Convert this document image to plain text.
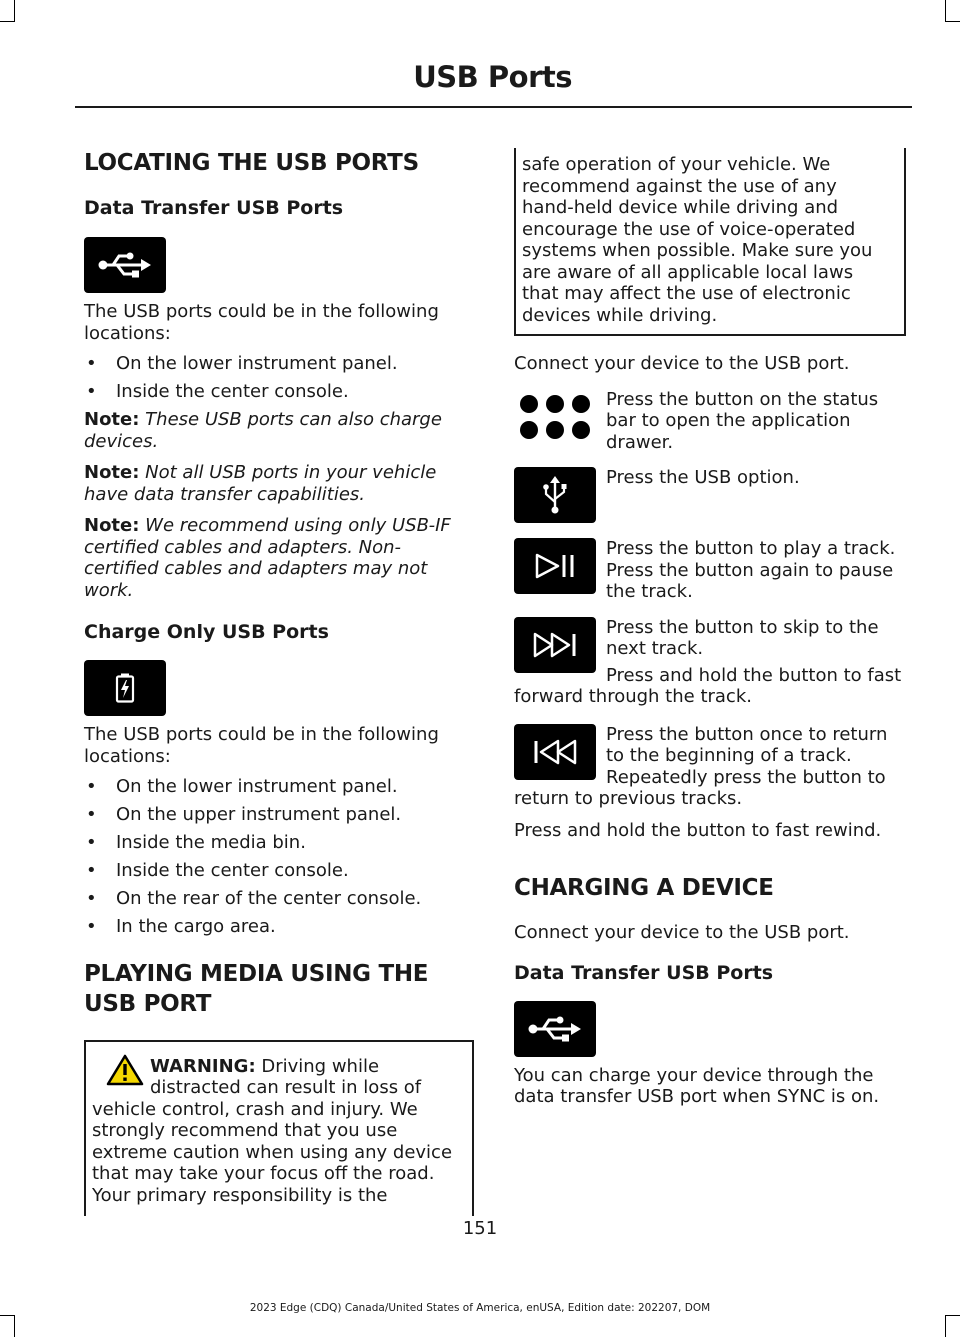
USB Ports
LOCATING THE USB PORTS
Data Transfer USB Ports

The USB ports could be in the following locations:

• On the lower instrument panel.
• Inside the center console.

Note: These USB ports can also charge devices.

Note: Not all USB ports in your vehicle have data transfer capabilities.

Note: We recommend using only USB-IF certified cables and adapters. Non-certified cables and adapters may not work.

Charge Only USB Ports

The USB ports could be in the following locations:

• On the lower instrument panel.
• On the upper instrument panel.
• Inside the media bin.
• Inside the center console.
• On the rear of the center console.
• In the cargo area.
PLAYING MEDIA USING THE
USB PORT
WARNING: Driving while distracted can result in loss of vehicle control, crash and injury. We strongly recommend that you use extreme caution when using any device that may take your focus off the road. Your primary responsibility is the

safe operation of your vehicle. We recommend against the use of any hand-held device while driving and encourage the use of voice-operated systems when possible. Make sure you are aware of all applicable local laws that may affect the use of electronic devices while driving.

Connect your device to the USB port.

Press the button on the status bar to open the application drawer.

Press the USB option.

Press the button to play a track. Press the button again to pause the track.

Press the button to skip to the next track.

Press and hold the button to fast forward through the track.

Press the button once to return to the beginning of a track. Repeatedly press the button to return to previous tracks.

Press and hold the button to fast rewind.

CHARGING A DEVICE

Connect your device to the USB port.

Data Transfer USB Ports

You can charge your device through the data transfer USB port when SYNC is on.

151
2023 Edge (CDQ) Canada/United States of America, enUSA, Edition date: 202207, DOM
